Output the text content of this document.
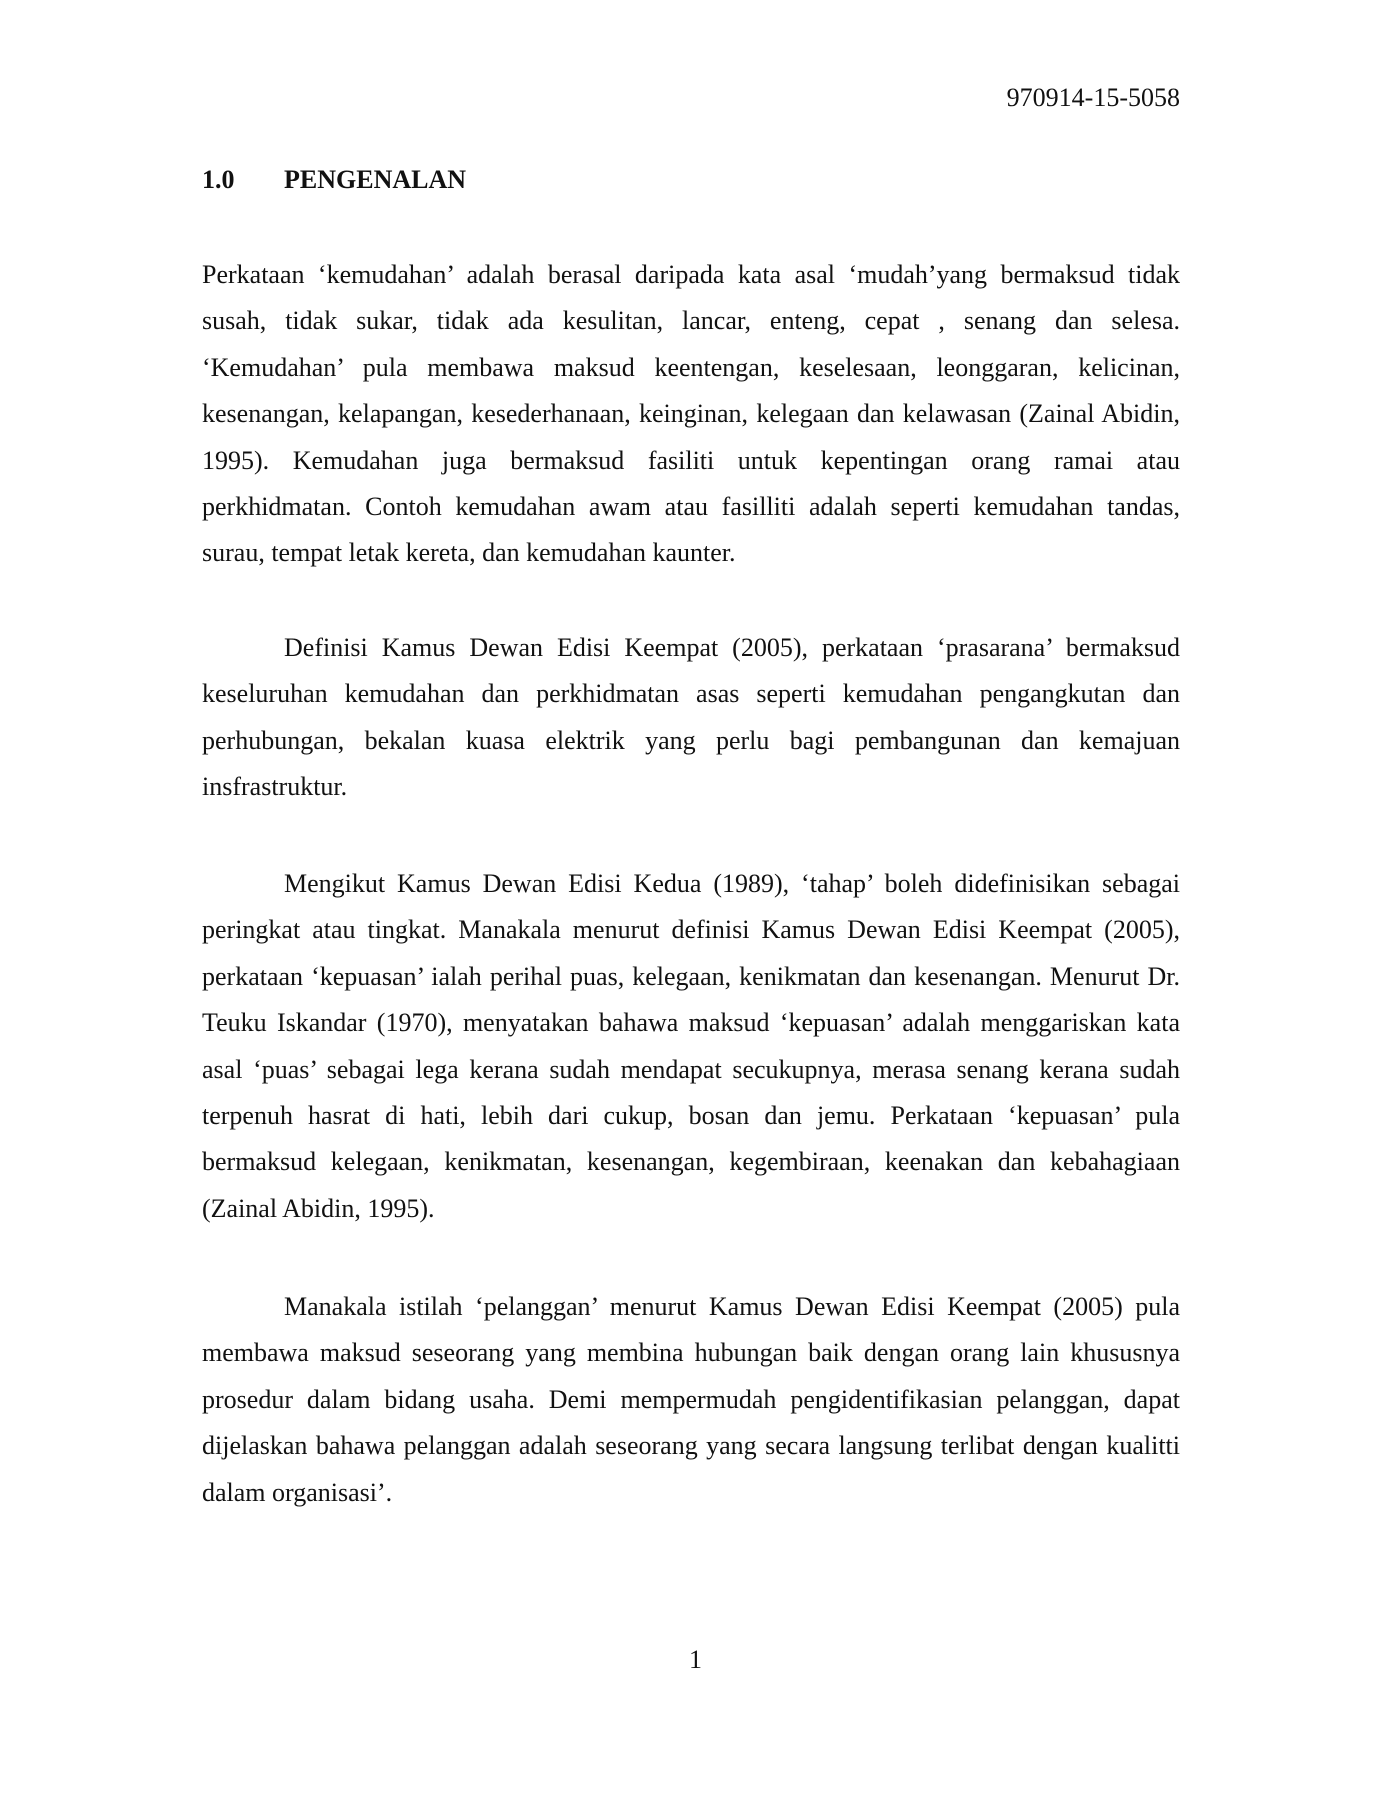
970914-15-5058
1.0 PENGENALAN

Perkataan ‘kemudahan’ adalah berasal daripada kata asal ‘mudah’yang bermaksud tidak susah, tidak sukar, tidak ada kesulitan, lancar, enteng, cepat , senang dan selesa. ‘Kemudahan’ pula membawa maksud keentengan, keselesaan, leonggaran, kelicinan, kesenangan, kelapangan, kesederhanaan, keinginan, kelegaan dan kelawasan (Zainal Abidin, 1995). Kemudahan juga bermaksud fasiliti untuk kepentingan orang ramai atau perkhidmatan. Contoh kemudahan awam atau fasilliti adalah seperti kemudahan tandas, surau, tempat letak kereta, dan kemudahan kaunter.

Definisi Kamus Dewan Edisi Keempat (2005), perkataan ‘prasarana’ bermaksud keseluruhan kemudahan dan perkhidmatan asas seperti kemudahan pengangkutan dan perhubungan, bekalan kuasa elektrik yang perlu bagi pembangunan dan kemajuan insfrastruktur.

Mengikut Kamus Dewan Edisi Kedua (1989), ‘tahap’ boleh didefinisikan sebagai peringkat atau tingkat. Manakala menurut definisi Kamus Dewan Edisi Keempat (2005), perkataan ‘kepuasan’ ialah perihal puas, kelegaan, kenikmatan dan kesenangan. Menurut Dr. Teuku Iskandar (1970), menyatakan bahawa maksud ‘kepuasan’ adalah menggariskan kata asal ‘puas’ sebagai lega kerana sudah mendapat secukupnya, merasa senang kerana sudah terpenuh hasrat di hati, lebih dari cukup, bosan dan jemu. Perkataan ‘kepuasan’ pula bermaksud kelegaan, kenikmatan, kesenangan, kegembiraan, keenakan dan kebahagiaan (Zainal Abidin, 1995).

Manakala istilah ‘pelanggan’ menurut Kamus Dewan Edisi Keempat (2005) pula membawa maksud seseorang yang membina hubungan baik dengan orang lain khususnya prosedur dalam bidang usaha. Demi mempermudah pengidentifikasian pelanggan, dapat dijelaskan bahawa pelanggan adalah seseorang yang secara langsung terlibat dengan kualitti dalam organisasi’.

1
